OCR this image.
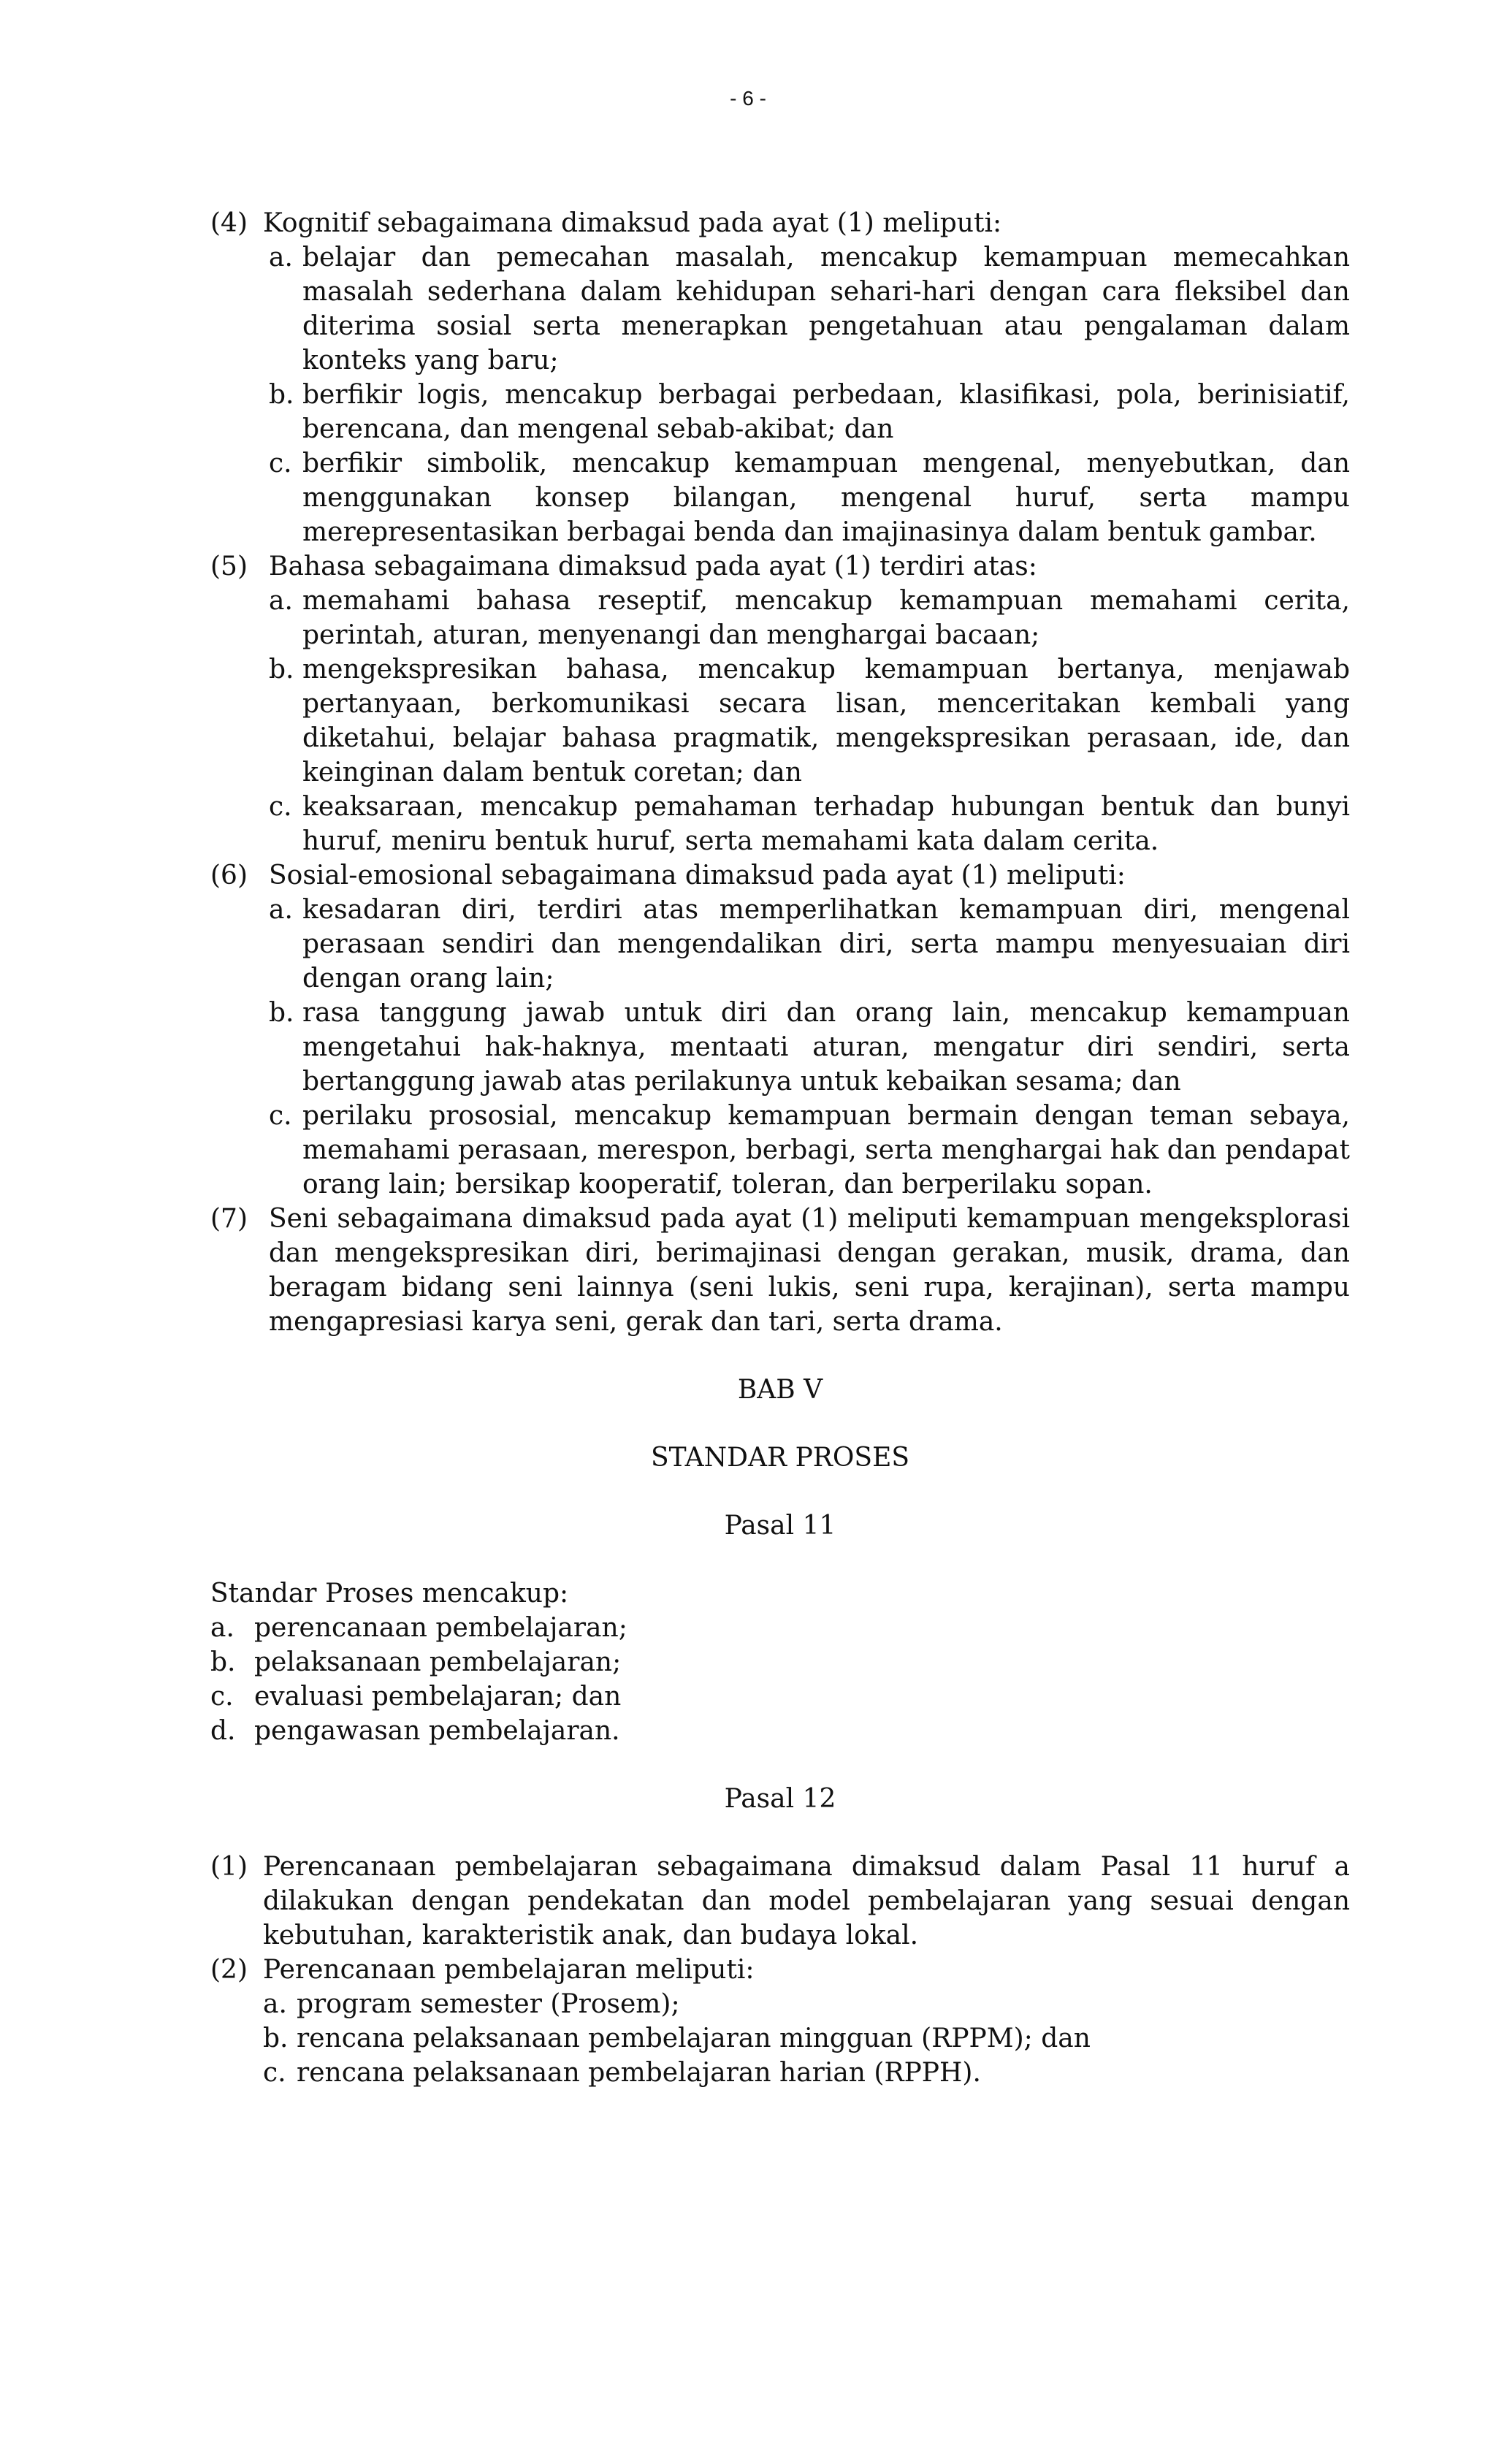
- 6 -
(4) Kognitif sebagaimana dimaksud pada ayat (1) meliputi:
a. belajar dan pemecahan masalah, mencakup kemampuan memecahkan masalah sederhana dalam kehidupan sehari-hari dengan cara fleksibel dan diterima sosial serta menerapkan pengetahuan atau pengalaman dalam konteks yang baru;
b. berfikir logis, mencakup berbagai perbedaan, klasifikasi, pola, berinisiatif, berencana, dan mengenal sebab-akibat; dan
c. berfikir simbolik, mencakup kemampuan mengenal, menyebutkan, dan menggunakan konsep bilangan, mengenal huruf, serta mampu merepresentasikan berbagai benda dan imajinasinya dalam bentuk gambar.
(5) Bahasa sebagaimana dimaksud pada ayat (1) terdiri atas:
a. memahami bahasa reseptif, mencakup kemampuan memahami cerita, perintah, aturan, menyenangi dan menghargai bacaan;
b. mengekspresikan bahasa, mencakup kemampuan bertanya, menjawab pertanyaan, berkomunikasi secara lisan, menceritakan kembali yang diketahui, belajar bahasa pragmatik, mengekspresikan perasaan, ide, dan keinginan dalam bentuk coretan; dan
c. keaksaraan, mencakup pemahaman terhadap hubungan bentuk dan bunyi huruf, meniru bentuk huruf, serta memahami kata dalam cerita.
(6) Sosial-emosional sebagaimana dimaksud pada ayat (1) meliputi:
a. kesadaran diri, terdiri atas memperlihatkan kemampuan diri, mengenal perasaan sendiri dan mengendalikan diri, serta mampu menyesuaian diri dengan orang lain;
b. rasa tanggung jawab untuk diri dan orang lain, mencakup kemampuan mengetahui hak-haknya, mentaati aturan, mengatur diri sendiri, serta bertanggung jawab atas perilakunya untuk kebaikan sesama; dan
c. perilaku prososial, mencakup kemampuan bermain dengan teman sebaya, memahami perasaan, merespon, berbagi, serta menghargai hak dan pendapat orang lain; bersikap kooperatif, toleran, dan berperilaku sopan.
(7) Seni sebagaimana dimaksud pada ayat (1) meliputi kemampuan mengeksplorasi dan mengekspresikan diri, berimajinasi dengan gerakan, musik, drama, dan beragam bidang seni lainnya (seni lukis, seni rupa, kerajinan), serta mampu mengapresiasi karya seni, gerak dan tari, serta drama.
BAB V
STANDAR PROSES
Pasal 11
Standar Proses mencakup:
a. perencanaan pembelajaran;
b. pelaksanaan pembelajaran;
c. evaluasi pembelajaran; dan
d. pengawasan pembelajaran.
Pasal 12
(1) Perencanaan pembelajaran sebagaimana dimaksud dalam Pasal 11 huruf a dilakukan dengan pendekatan dan model pembelajaran yang sesuai dengan kebutuhan, karakteristik anak, dan budaya lokal.
(2) Perencanaan pembelajaran meliputi:
a. program semester (Prosem);
b. rencana pelaksanaan pembelajaran mingguan (RPPM); dan
c. rencana pelaksanaan pembelajaran harian (RPPH).
